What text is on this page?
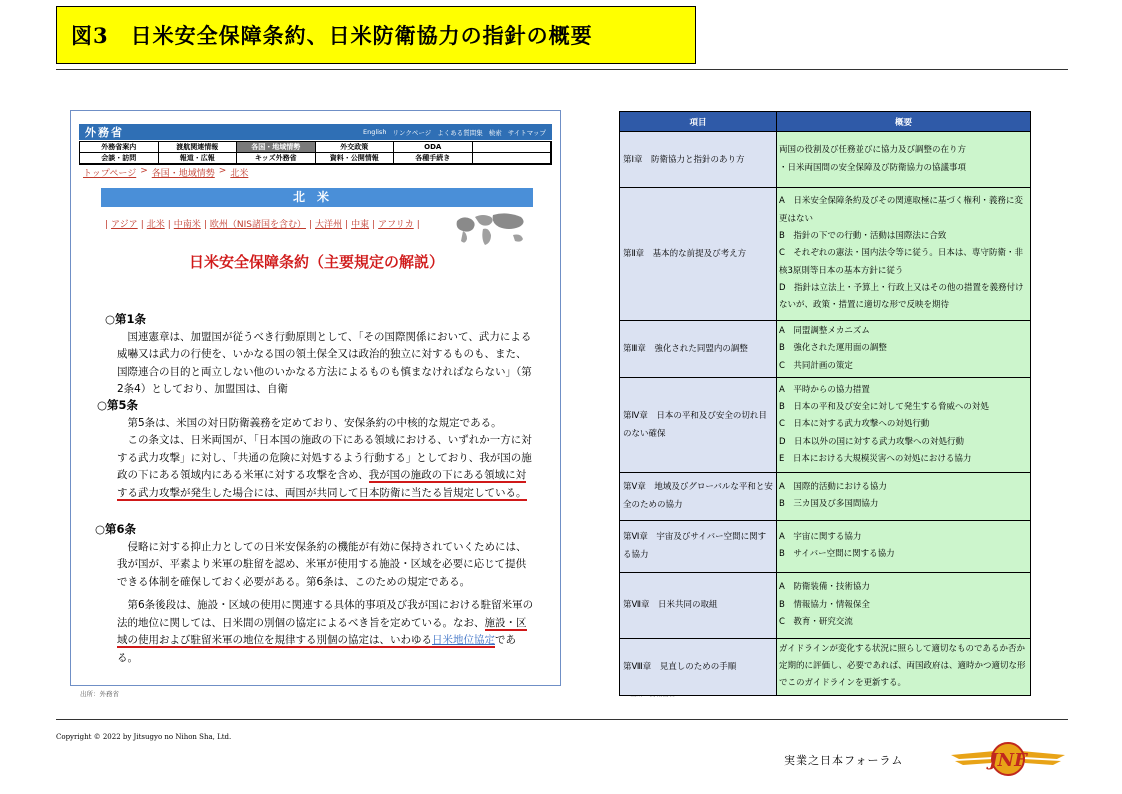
図3　日米安全保障条約、日米防衛協力の指針の概要
外務省	English リンクページ よくある質問集 検索 サイトマップ
外務省案内	渡航関連情報	各国・地域情勢	外交政策	ODA
会談・訪問	報道・広報	キッズ外務省	資料・公開情報	各種手続き
トップページ > 各国・地域情勢 > 北米
北米
| アジア | 北米 | 中南米 | 欧州（NIS諸国を含む） | 大洋州 | 中東 | アフリカ |
日米安全保障条約（主要規定の解説）
○第1条

国連憲章は、加盟国が従うべき行動原則として、「その国際関係において、武力による威嚇又は武力の行使を、いかなる国の領土保全又は政治的独立に対するものも、また、国際連合の目的と両立しない他のいかなる方法によるものも慎まなければならない」（第2条4）としており、加盟国は、自衛

○第5条

第5条は、米国の対日防衛義務を定めており、安保条約の中核的な規定である。

この条文は、日米両国が、「日本国の施政の下にある領域における、いずれか一方に対する武力攻撃」に対し、「共通の危険に対処するよう行動する」としており、我が国の施政の下にある領域内にある米軍に対する攻撃を含め、我が国の施政の下にある領域に対する武力攻撃が発生した場合には、両国が共同して日本防衛に当たる旨規定している。

○第6条

侵略に対する抑止力としての日米安保条約の機能が有効に保持されていくためには、我が国が、平素より米軍の駐留を認め、米軍が使用する施設・区域を必要に応じて提供できる体制を確保しておく必要がある。第6条は、このための規定である。

第6条後段は、施設・区域の使用に関連する具体的事項及び我が国における駐留米軍の法的地位に関しては、日米間の別個の協定によるべき旨を定めている。なお、施設・区域の使用および駐留米軍の地位を規律する別個の協定は、いわゆる日米地位協定である。

出所：外務省
項目	概要
第Ⅰ章　防衛協力と指針のあり方	両国の役割及び任務並びに協力及び調整の在り方
・日米両国間の安全保障及び防衛協力の協議事項

第Ⅱ章　基本的な前提及び考え方	A　日米安全保障条約及びその関連取極に基づく権利・義務に変更はない
B　指針の下での行動・活動は国際法に合致
C　それぞれの憲法・国内法令等に従う。日本は、専守防衛・非核3原則等日本の基本方針に従う
D　指針は立法上・予算上・行政上又はその他の措置を義務付けないが、政策・措置に適切な形で反映を期待

第Ⅲ章　強化された同盟内の調整	A　同盟調整メカニズム
B　強化された運用面の調整
C　共同計画の策定

第Ⅳ章　日本の平和及び安全の切れ目のない確保	A　平時からの協力措置
B　日本の平和及び安全に対して発生する脅威への対処
C　日本に対する武力攻撃への対処行動
D　日本以外の国に対する武力攻撃への対処行動
E　日本における大規模災害への対処における協力

第Ⅴ章　地域及びグローバルな平和と安全のための協力	A　国際的活動における協力
B　三カ国及び多国間協力

第Ⅵ章　宇宙及びサイバー空間に関する協力	A　宇宙に関する協力
B　サイバー空間に関する協力

第Ⅶ章　日米共同の取組	A　防衛装備・技術協力
B　情報協力・情報保全
C　教育・研究交流

第Ⅷ章　見直しのための手順	ガイドラインが変化する状況に照らして適切なものであるか否か定期的に評価し、必要であれば、両国政府は、適時かつ適切な形でこのガイドラインを更新する。
Copyright © 2022 by Jitsugyo no Nihon Sha, Ltd.
実業之日本フォーラム	JNF
